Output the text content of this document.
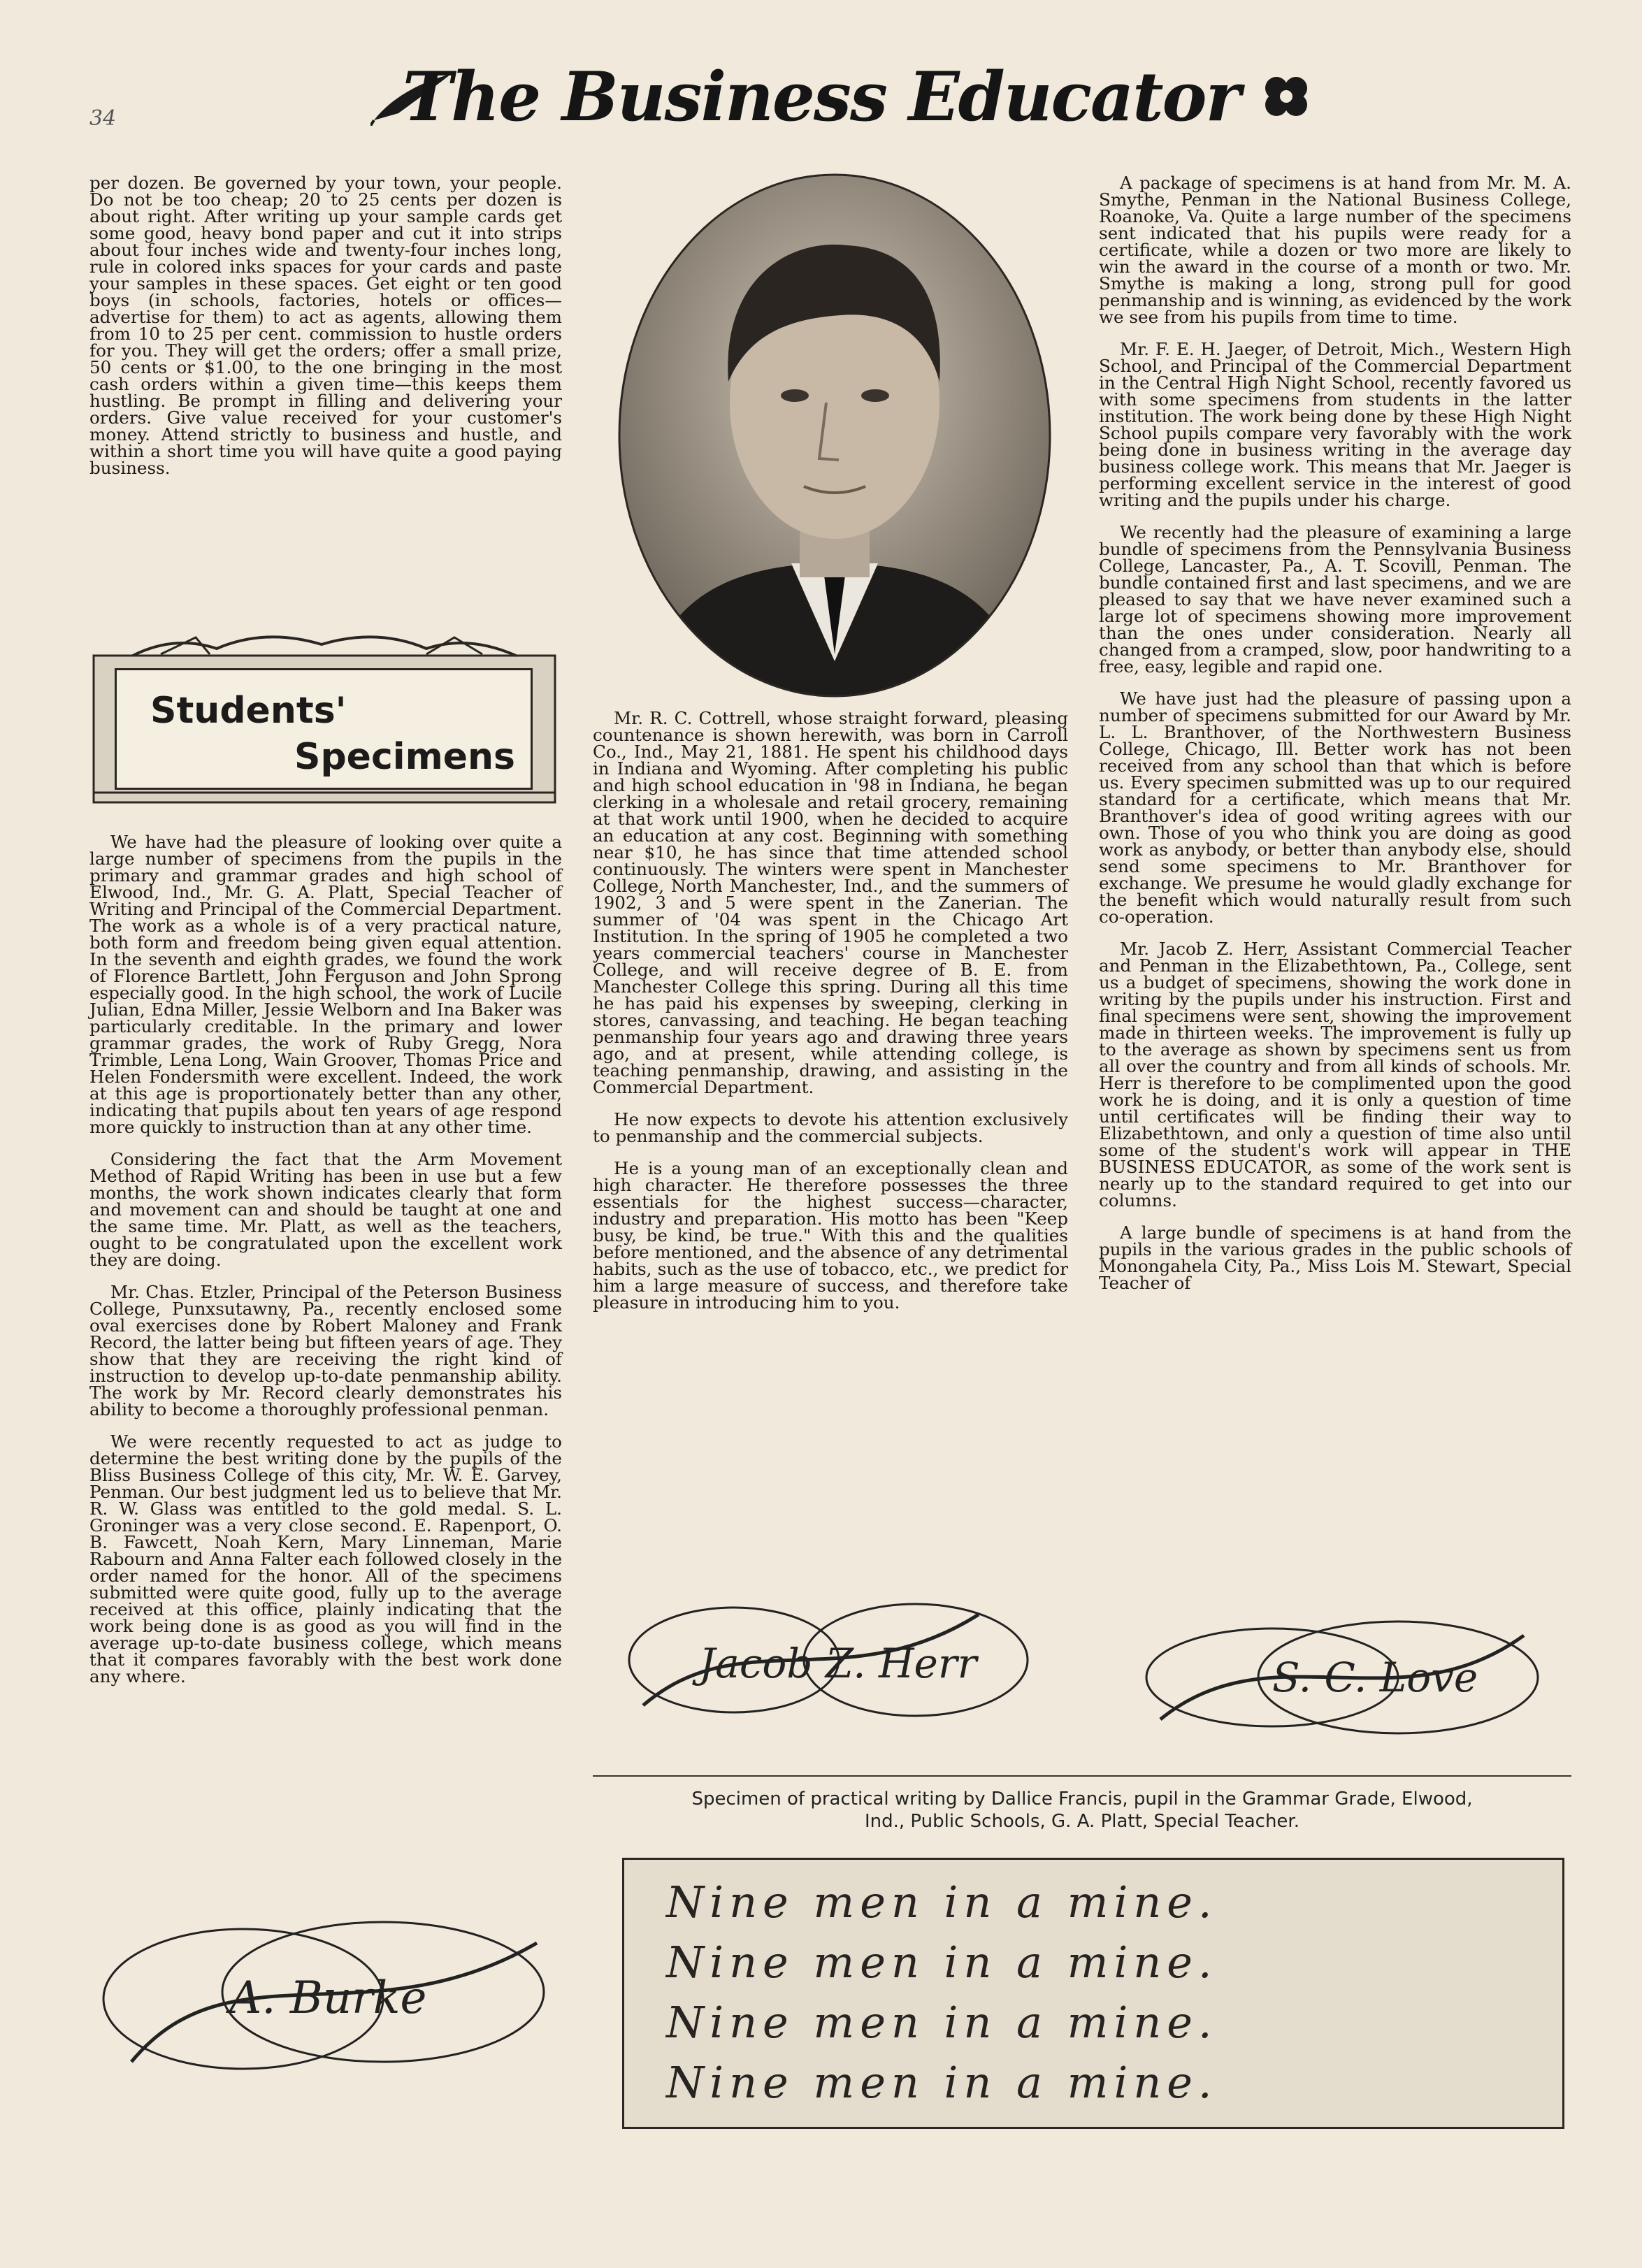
34	The Business Educator

per dozen. Be governed by your town, your people. Do not be too cheap; 20 to 25 cents per dozen is about right. After writing up your sample cards get some good, heavy bond paper and cut it into strips about four inches wide and twenty-four inches long, rule in colored inks spaces for your cards and paste your samples in these spaces. Get eight or ten good boys (in schools, factories, hotels or offices—advertise for them) to act as agents, allowing them from 10 to 25 per cent. commission to hustle orders for you. They will get the orders; offer a small prize, 50 cents or $1.00, to the one bringing in the most cash orders within a given time—this keeps them hustling. Be prompt in filling and delivering your orders. Give value received for your customer's money. Attend strictly to business and hustle, and within a short time you will have quite a good paying business.

Students'
Specimens

We have had the pleasure of looking over quite a large number of specimens from the pupils in the primary and grammar grades and high school of Elwood, Ind., Mr. G. A. Platt, Special Teacher of Writing and Principal of the Commercial Department. The work as a whole is of a very practical nature, both form and freedom being given equal attention. In the seventh and eighth grades, we found the work of Florence Bartlett, John Ferguson and John Sprong especially good. In the high school, the work of Lucile Julian, Edna Miller, Jessie Welborn and Ina Baker was particularly creditable. In the primary and lower grammar grades, the work of Ruby Gregg, Nora Trimble, Lena Long, Wain Groover, Thomas Price and Helen Fondersmith were excellent. Indeed, the work at this age is proportionately better than any other, indicating that pupils about ten years of age respond more quickly to instruction than at any other time.

Considering the fact that the Arm Movement Method of Rapid Writing has been in use but a few months, the work shown indicates clearly that form and movement can and should be taught at one and the same time. Mr. Platt, as well as the teachers, ought to be congratulated upon the excellent work they are doing.

Mr. Chas. Etzler, Principal of the Peterson Business College, Punxsutawny, Pa., recently enclosed some oval exercises done by Robert Maloney and Frank Record, the latter being but fifteen years of age. They show that they are receiving the right kind of instruction to develop up-to-date penmanship ability. The work by Mr. Record clearly demonstrates his ability to become a thoroughly professional penman.

We were recently requested to act as judge to determine the best writing done by the pupils of the Bliss Business College of this city, Mr. W. E. Garvey, Penman. Our best judgment led us to believe that Mr. R. W. Glass was entitled to the gold medal. S. L. Groninger was a very close second. E. Rapenport, O. B. Fawcett, Noah Kern, Mary Linneman, Marie Rabourn and Anna Falter each followed closely in the order named for the honor. All of the specimens submitted were quite good, fully up to the average received at this office, plainly indicating that the work being done is as good as you will find in the average up-to-date business college, which means that it compares favorably with the best work done any where.

Mr. R. C. Cottrell, whose straight forward, pleasing countenance is shown herewith, was born in Carroll Co., Ind., May 21, 1881. He spent his childhood days in Indiana and Wyoming. After completing his public and high school education in '98 in Indiana, he began clerking in a wholesale and retail grocery, remaining at that work until 1900, when he decided to acquire an education at any cost. Beginning with something near $10, he has since that time attended school continuously. The winters were spent in Manchester College, North Manchester, Ind., and the summers of 1902, 3 and 5 were spent in the Zanerian. The summer of '04 was spent in the Chicago Art Institution. In the spring of 1905 he completed a two years commercial teachers' course in Manchester College, and will receive degree of B. E. from Manchester College this spring. During all this time he has paid his expenses by sweeping, clerking in stores, canvassing, and teaching. He began teaching penmanship four years ago and drawing three years ago, and at present, while attending college, is teaching penmanship, drawing, and assisting in the Commercial Department.

He now expects to devote his attention exclusively to penmanship and the commercial subjects.

He is a young man of an exceptionally clean and high character. He therefore possesses the three essentials for the highest success—character, industry and preparation. His motto has been "Keep busy, be kind, be true." With this and the qualities before mentioned, and the absence of any detrimental habits, such as the use of tobacco, etc., we predict for him a large measure of success, and therefore take pleasure in introducing him to you.

A package of specimens is at hand from Mr. M. A. Smythe, Penman in the National Business College, Roanoke, Va. Quite a large number of the specimens sent indicated that his pupils were ready for a certificate, while a dozen or two more are likely to win the award in the course of a month or two. Mr. Smythe is making a long, strong pull for good penmanship and is winning, as evidenced by the work we see from his pupils from time to time.

Mr. F. E. H. Jaeger, of Detroit, Mich., Western High School, and Principal of the Commercial Department in the Central High Night School, recently favored us with some specimens from students in the latter institution. The work being done by these High Night School pupils compare very favorably with the work being done in business writing in the average day business college work. This means that Mr. Jaeger is performing excellent service in the interest of good writing and the pupils under his charge.

We recently had the pleasure of examining a large bundle of specimens from the Pennsylvania Business College, Lancaster, Pa., A. T. Scovill, Penman. The bundle contained first and last specimens, and we are pleased to say that we have never examined such a large lot of specimens showing more improvement than the ones under consideration. Nearly all changed from a cramped, slow, poor handwriting to a free, easy, legible and rapid one.

We have just had the pleasure of passing upon a number of specimens submitted for our Award by Mr. L. L. Branthover, of the Northwestern Business College, Chicago, Ill. Better work has not been received from any school than that which is before us. Every specimen submitted was up to our required standard for a certificate, which means that Mr. Branthover's idea of good writing agrees with our own. Those of you who think you are doing as good work as anybody, or better than anybody else, should send some specimens to Mr. Branthover for exchange. We presume he would gladly exchange for the benefit which would naturally result from such co-operation.

Mr. Jacob Z. Herr, Assistant Commercial Teacher and Penman in the Elizabethtown, Pa., College, sent us a budget of specimens, showing the work done in writing by the pupils under his instruction. First and final specimens were sent, showing the improvement made in thirteen weeks. The improvement is fully up to the average as shown by specimens sent us from all over the country and from all kinds of schools. Mr. Herr is therefore to be complimented upon the good work he is doing, and it is only a question of time until certificates will be finding their way to Elizabethtown, and only a question of time also until some of the student's work will appear in THE BUSINESS EDUCATOR, as some of the work sent is nearly up to the standard required to get into our columns.

A large bundle of specimens is at hand from the pupils in the various grades in the public schools of Monongahela City, Pa., Miss Lois M. Stewart, Special Teacher of

Jacob Z. Herr	S. C. Love
A. Burke
Specimen of practical writing by Dallice Francis, pupil in the Grammar Grade, Elwood,
Ind., Public Schools, G. A. Platt, Special Teacher.
Nine men in a mine.
Nine men in a mine.
Nine men in a mine.
Nine men in a mine.
